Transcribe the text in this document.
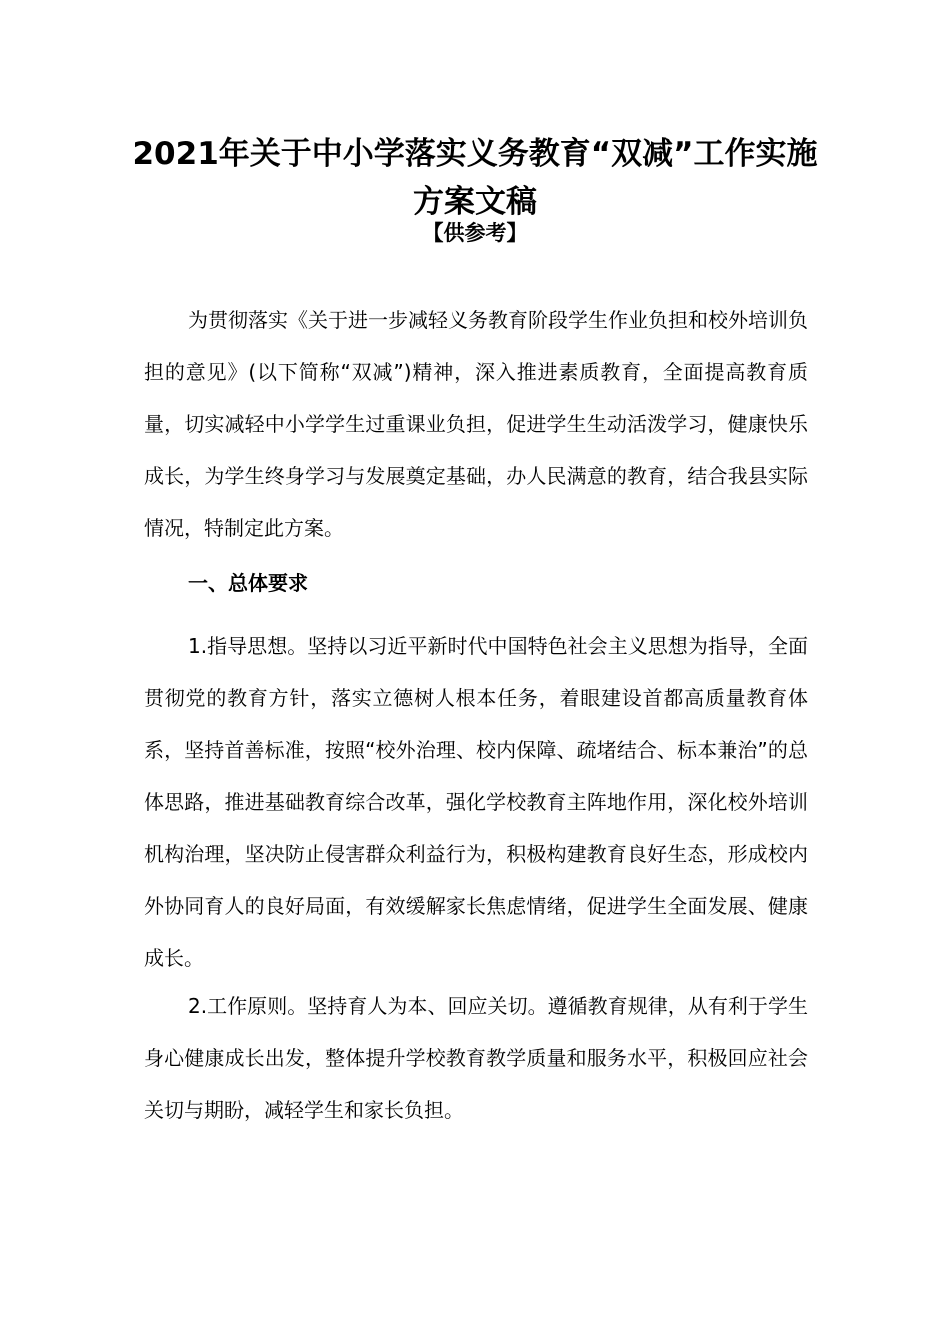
2021年关于中小学落实义务教育“双减”工作实施
方案文稿
【供参考】

为贯彻落实《关于进一步减轻义务教育阶段学生作业负担和校外培训负担的意见》(以下简称“双减”)精神，深入推进素质教育，全面提高教育质量，切实减轻中小学学生过重课业负担，促进学生生动活泼学习，健康快乐成长，为学生终身学习与发展奠定基础，办人民满意的教育，结合我县实际情况，特制定此方案。

一、总体要求

1.指导思想。坚持以习近平新时代中国特色社会主义思想为指导，全面贯彻党的教育方针，落实立德树人根本任务，着眼建设首都高质量教育体系，坚持首善标准，按照“校外治理、校内保障、疏堵结合、标本兼治”的总体思路，推进基础教育综合改革，强化学校教育主阵地作用，深化校外培训机构治理，坚决防止侵害群众利益行为，积极构建教育良好生态，形成校内外协同育人的良好局面，有效缓解家长焦虑情绪，促进学生全面发展、健康成长。

2.工作原则。坚持育人为本、回应关切。遵循教育规律，从有利于学生身心健康成长出发，整体提升学校教育教学质量和服务水平，积极回应社会关切与期盼，减轻学生和家长负担。
